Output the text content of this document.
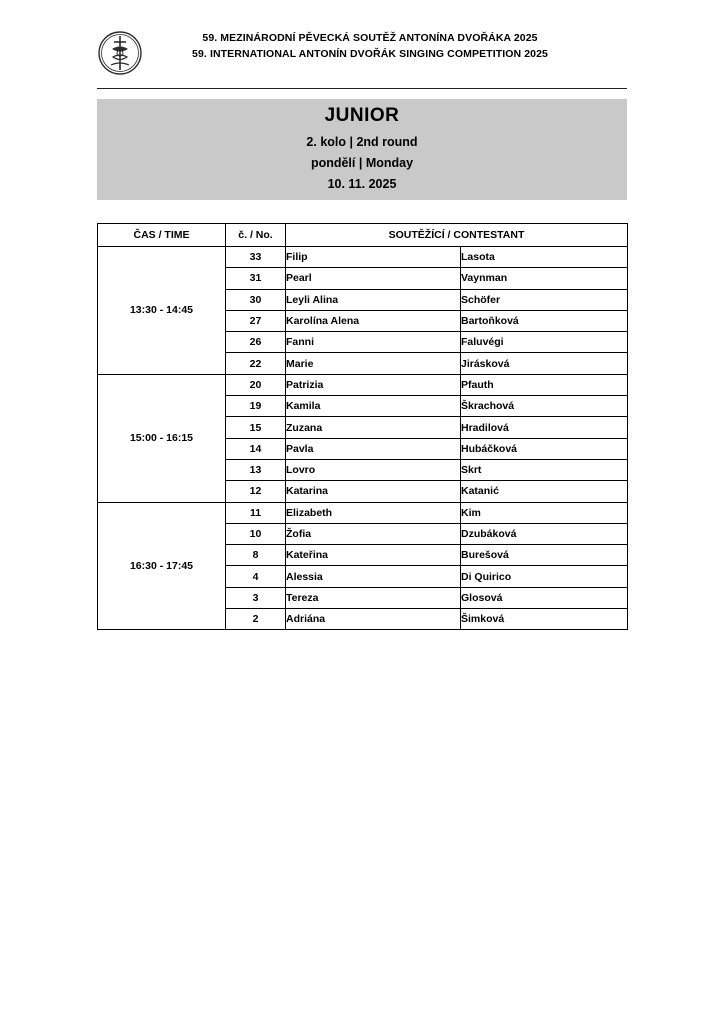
59. MEZINÁRODNÍ PĚVECKÁ SOUTĚŽ ANTONÍNA DVOŘÁKA 2025
59. INTERNATIONAL ANTONÍN DVOŘÁK SINGING COMPETITION 2025
JUNIOR
2. kolo | 2nd round
pondělí | Monday
10. 11. 2025
ČAS / TIME	č. / No.	SOUTĚŽÍCÍ / CONTESTANT	
13:30 - 14:45	33	Filip	Lasota
	31	Pearl	Vaynman
	30	Leyli Alina	Schöfer
	27	Karolína Alena	Bartoňková
	26	Fanni	Faluvégi
	22	Marie	Jirásková
15:00 - 16:15	20	Patrizia	Pfauth
	19	Kamila	Škrachová
	15	Zuzana	Hradilová
	14	Pavla	Hubáčková
	13	Lovro	Skrt
	12	Katarina	Katanić
16:30 - 17:45	11	Elizabeth	Kim
	10	Žofia	Dzubáková
	8	Kateřina	Burešová
	4	Alessia	Di Quirico
	3	Tereza	Glosová
	2	Adriána	Šimková
